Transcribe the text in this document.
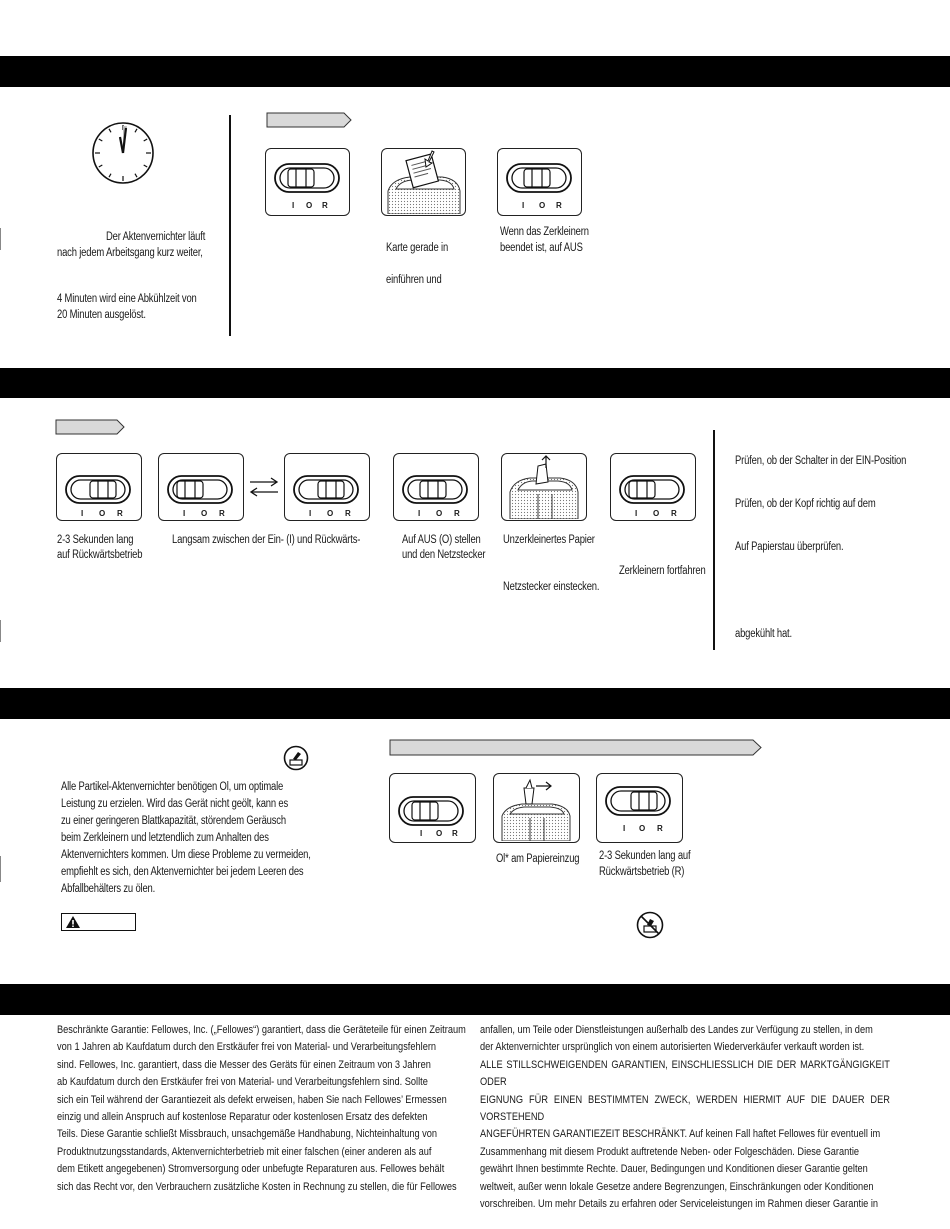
Der Aktenvernichter läuft
nach jedem Arbeitsgang kurz weiter,
4 Minuten wird eine Abkühlzeit von
20 Minuten ausgelöst.
I O R	I O R
Karte gerade in
einführen und
Wenn das Zerkleinern
beendet ist, auf AUS
I O R	I O R	I O R	I O R	I O R
2-3 Sekunden lang
auf Rückwärtsbetrieb
Langsam zwischen der Ein- (I) und Rückwärts-	Auf AUS (O) stellen
und den Netzstecker
Unzerkleinertes Papier
Netzstecker einstecken.
Zerkleinern fortfahren
Prüfen, ob der Schalter in der EIN-Position
Prüfen, ob der Kopf richtig auf dem
Auf Papierstau überprüfen.
abgekühlt hat.
Alle Partikel-Aktenvernichter benötigen Öl, um optimale
Leistung zu erzielen. Wird das Gerät nicht geölt, kann es
zu einer geringeren Blattkapazität, störendem Geräusch
beim Zerkleinern und letztendlich zum Anhalten des
Aktenvernichters kommen. Um diese Probleme zu vermeiden,
empfiehlt es sich, den Aktenvernichter bei jedem Leeren des
Abfallbehälters zu ölen.
I O R
I O R
Öl* am Papiereinzug 2-3 Sekunden lang auf
Rückwärtsbetrieb (R)

Beschränkte Garantie: Fellowes, Inc. („Fellowes“) garantiert, dass die Geräteteile für einen Zeitraum

von 1 Jahren ab Kaufdatum durch den Erstkäufer frei von Material- und Verarbeitungsfehlern

sind. Fellowes, Inc. garantiert, dass die Messer des Geräts für einen Zeitraum von 3 Jahren

ab Kaufdatum durch den Erstkäufer frei von Material- und Verarbeitungsfehlern sind. Sollte

sich ein Teil während der Garantiezeit als defekt erweisen, haben Sie nach Fellowes’ Ermessen

einzig und allein Anspruch auf kostenlose Reparatur oder kostenlosen Ersatz des defekten

Teils. Diese Garantie schließt Missbrauch, unsachgemäße Handhabung, Nichteinhaltung von

Produktnutzungsstandards, Aktenvernichterbetrieb mit einer falschen (einer anderen als auf

dem Etikett angegebenen) Stromversorgung oder unbefugte Reparaturen aus. Fellowes behält

sich das Recht vor, den Verbrauchern zusätzliche Kosten in Rechnung zu stellen, die für Fellowes

anfallen, um Teile oder Dienstleistungen außerhalb des Landes zur Verfügung zu stellen, in dem

der Aktenvernichter ursprünglich von einem autorisierten Wiederverkäufer verkauft worden ist.

ALLE STILLSCHWEIGENDEN GARANTIEN, EINSCHLIESSLICH DIE DER MARKTGÄNGIGKEIT ODER

EIGNUNG FÜR EINEN BESTIMMTEN ZWECK, WERDEN HIERMIT AUF DIE DAUER DER VORSTEHEND

ANGEFÜHRTEN GARANTIEZEIT BESCHRÄNKT. Auf keinen Fall haftet Fellowes für eventuell im

Zusammenhang mit diesem Produkt auftretende Neben- oder Folgeschäden. Diese Garantie

gewährt Ihnen bestimmte Rechte. Dauer, Bedingungen und Konditionen dieser Garantie gelten

weltweit, außer wenn lokale Gesetze andere Begrenzungen, Einschränkungen oder Konditionen

vorschreiben. Um mehr Details zu erfahren oder Serviceleistungen im Rahmen dieser Garantie in
